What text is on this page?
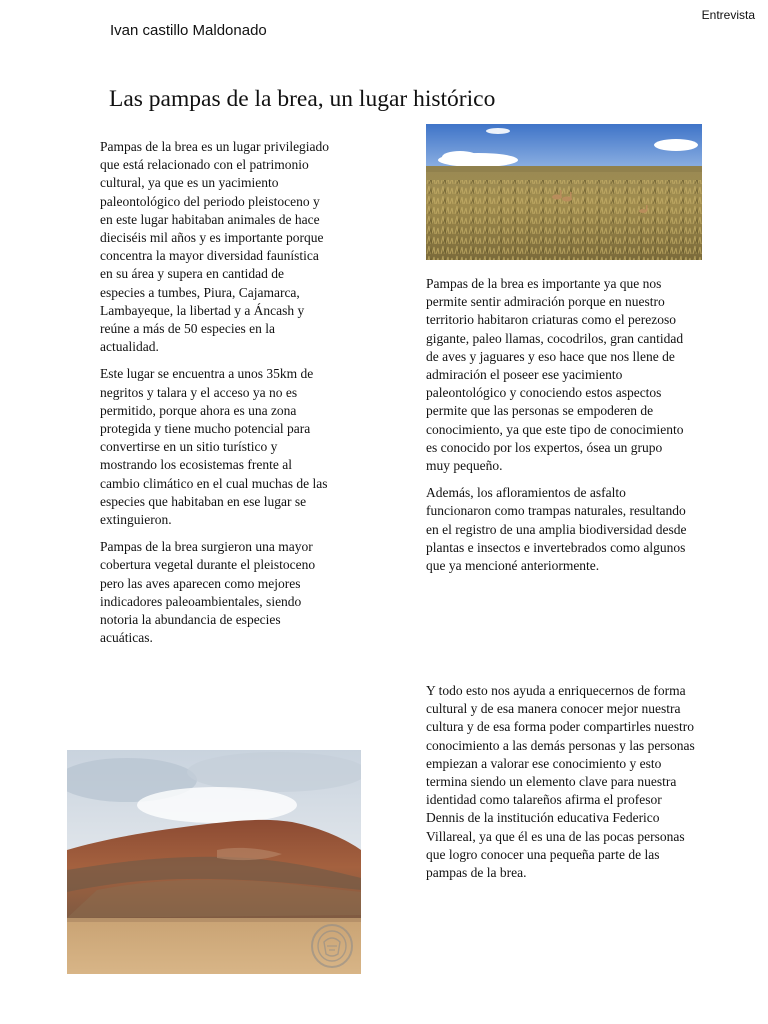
Ivan castillo Maldonado
Entrevista
Las pampas de la brea, un lugar histórico

Pampas de la brea es un lugar privilegiado que está relacionado con el patrimonio cultural, ya que es un yacimiento paleontológico del periodo pleistoceno y en este lugar habitaban animales de hace dieciséis mil años y es importante porque concentra la mayor diversidad faunística en su área y supera en cantidad de especies a tumbes, Piura, Cajamarca, Lambayeque, la libertad y a Áncash y reúne a más de 50 especies en la actualidad.

Este lugar se encuentra a unos 35km de negritos y talara y el acceso ya no es permitido, porque ahora es una zona protegida y tiene mucho potencial para convertirse en un sitio turístico y mostrando los ecosistemas frente al cambio climático en el cual muchas de las especies que habitaban en ese lugar se extinguieron.

Pampas de la brea surgieron una mayor cobertura vegetal durante el pleistoceno pero las aves aparecen como mejores indicadores paleoambientales, siendo notoria la abundancia de especies acuáticas.

Pampas de la brea es importante ya que nos permite sentir admiración porque en nuestro territorio habitaron criaturas como el perezoso gigante, paleo llamas, cocodrilos, gran cantidad de aves y jaguares y eso hace que nos llene de admiración el poseer ese yacimiento paleontológico y conociendo estos aspectos permite que las personas se empoderen de conocimiento, ya que este tipo de conocimiento es conocido por los expertos, ósea un grupo muy pequeño.

Además, los afloramientos de asfalto funcionaron como trampas naturales, resultando en el registro de una amplia biodiversidad desde plantas e insectos e invertebrados como algunos que ya mencioné anteriormente.

Y todo esto nos ayuda a enriquecernos de forma cultural y de esa manera conocer mejor nuestra cultura y de esa forma poder compartirles nuestro conocimiento a las demás personas y las personas empiezan a valorar ese conocimiento y esto termina siendo un elemento clave para nuestra identidad como talareños afirma el profesor Dennis de la institución educativa Federico Villareal, ya que él es una de las pocas personas que logro conocer una pequeña parte de las pampas de la brea.
